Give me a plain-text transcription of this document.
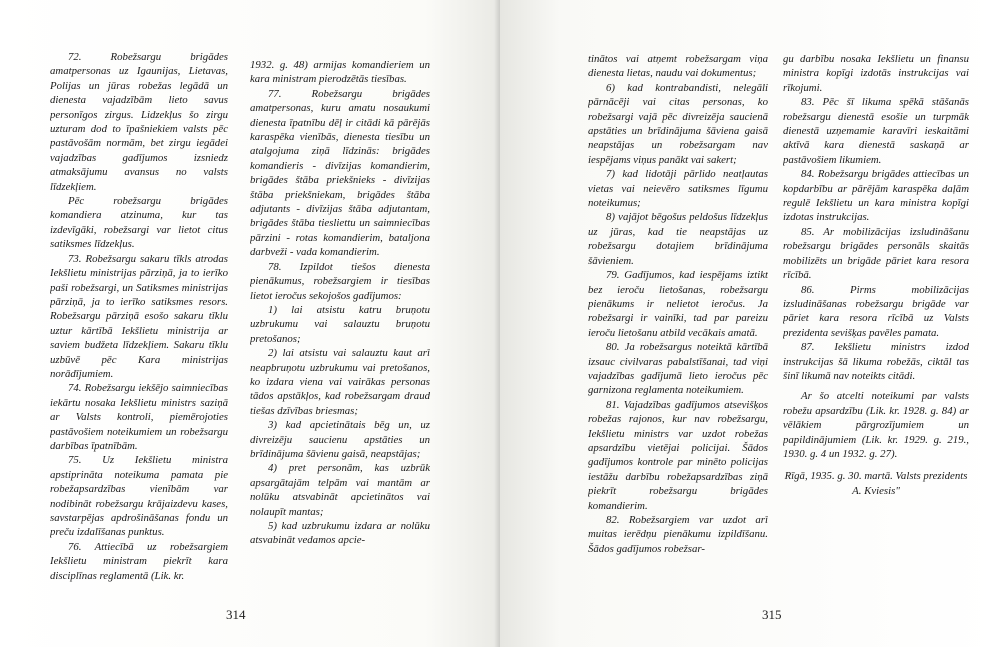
72. Robežsargu brigādes amatpersonas uz Igaunijas, Lietavas, Polijas un jūras robežas legādā un dienesta vajadzībām lieto savus personīgos zirgus. Lidzekļus šo zirgu uzturam dod to īpašniekiem valsts pēc pastāvošām normām, bet zirgu iegādei vajadzības gadījumos izsniedz atmaksājumu avansus no valsts līdzekļiem.

Pēc robežsargu brigādes komandiera atzinuma, kur tas izdevīgāki, robežsargi var lietot citus satiksmes līdzekļus.

73. Robežsargu sakaru tīkls atrodas Iekšlietu ministrijas pārziņā, ja to ierīko paši robežsargi, un Satiksmes ministrijas pārziņā, ja to ierīko satiksmes resors. Robežsargu pārziņā esošo sakaru tīklu uztur kārtībā Iekšlietu ministrija ar saviem budžeta līdzekļiem. Sakaru tīklu uzbūvē pēc Kara ministrijas norādījumiem.

74. Robežsargu iekšējo saimniecības iekārtu nosaka Iekšlietu ministrs saziņā ar Valsts kontroli, piemērojoties pastāvošiem noteikumiem un robežsargu darbības īpatnībām.

75. Uz Iekšlietu ministra apstiprināta noteikuma pamata pie robežapsardzības vienībām var nodibināt robežsargu krājaizdevu kases, savstarpējas apdrošināšanas fondu un preču izdalīšanas punktus.

76. Attiecībā uz robežsargiem Iekšlietu ministram piekrīt kara disciplīnas reglamentā (Lik. kr.

1932. g. 48) armijas komandieriem un kara ministram pierodzētās tiesības.

77. Robežsargu brigādes amatpersonas, kuru amatu nosaukumi dienesta īpatnību dēļ ir citādi kā pārējās karaspēka vienībās, dienesta tiesību un atalgojuma ziņā līdzinās: brigādes komandieris - divīzijas komandierim, brigādes štāba priekšnieks - divīzijas štāba priekšniekam, brigādes štāba adjutants - divīzijas štāba adjutantam, brigādes štāba tiesliettu un saimniecības pārzini - rotas komandierim, bataljona darbveži - vada komandierim.

78. Izpildot tiešos dienesta pienākumus, robežsargiem ir tiesības lietot ieročus sekojošos gadījumos:

1) lai atsistu katru bruņotu uzbrukumu vai salauztu bruņotu pretošanos;

2) lai atsistu vai salauztu kaut arī neapbruņotu uzbrukumu vai pretošanos, ko izdara viena vai vairākas personas tādos apstākļos, kad robežsargam draud tiešas dzīvības briesmas;

3) kad apcietinātais bēg un, uz divreizēju saucienu apstāties un brīdinājuma šāvienu gaisā, neapstājas;

4) pret personām, kas uzbrūk apsargātajām telpām vai mantām ar nolūku atsvabināt apcietinātos vai nolaupīt mantas;

5) kad uzbrukumu izdara ar nolūku atsvabināt vedamos apcie-

314

tinātos vai atņemt robežsargam viņa dienesta lietas, naudu vai dokumentus;

6) kad kontrabandisti, nelegāli pārnācēji vai citas personas, ko robežsargi vajā pēc divreizēja saucienā apstāties un brīdinājuma šāviena gaisā neapstājas un robežsargam nav iespējams viņus panākt vai sakert;

7) kad lidotāji pārlido neatļautas vietas vai neievēro satiksmes līgumu noteikumus;

8) vajājot bēgošus peldošus līdzekļus uz jūras, kad tie neapstājas uz robežsargu dotajiem brīdinājuma šāvieniem.

79. Gadījumos, kad iespējams iztikt bez ieroču lietošanas, robežsargu pienākums ir nelietot ieročus. Ja robežsargi ir vainīki, tad par pareizu ieroču lietošanu atbild vecākais amatā.

80. Ja robežsargus noteiktā kārtībā izsauc civilvaras pabalstīšanai, tad viņi vajadzības gadījumā lieto ieročus pēc garnizona reglamenta noteikumiem.

81. Vajadzības gadījumos atsevišķos robežas rajonos, kur nav robežsargu, Iekšlietu ministrs var uzdot robežas apsardzību vietējai policijai. Šādos gadījumos kontrole par minēto policijas iestāžu darbību robežapsardzības ziņā piekrīt robežsargu brigādes komandierim.

82. Robežsargiem var uzdot arī muitas ierēdņu pienākumu izpildīšanu. Šādos gadījumos robežsar-

gu darbību nosaka Iekšlietu un finansu ministra kopīgi izdotās instrukcijas vai rīkojumi.

83. Pēc šī likuma spēkā stāšanās robežsargu dienestā esošie un turpmāk dienestā uzņemamie karavīri ieskaitāmi aktīvā kara dienestā saskaņā ar pastāvošiem likumiem.

84. Robežsargu brigādes attiecības un kopdarbību ar pārējām karaspēka daļām regulē Iekšlietu un kara ministra kopīgi izdotas instrukcijas.

85. Ar mobilizācijas izsludināšanu robežsargu brigādes personāls skaitās mobilizēts un brigāde pāriet kara resora rīcībā.

86. Pirms mobilizācijas izsludināšanas robežsargu brigāde var pāriet kara resora rīcībā uz Valsts prezidenta sevišķas pavēles pamata.

87. Iekšlietu ministrs izdod instrukcijas šā likuma robežās, ciktāl tas šinī likumā nav noteikts citādi.

Ar šo atcelti noteikumi par valsts robežu apsardzību (Lik. kr. 1928. g. 84) ar vēlākiem pārgrozījumiem un papildinājumiem (Lik. kr. 1929. g. 219., 1930. g. 4 un 1932. g. 27).

Rīgā, 1935. g. 30. martā. Valsts prezidents A. Kviesis"

315
